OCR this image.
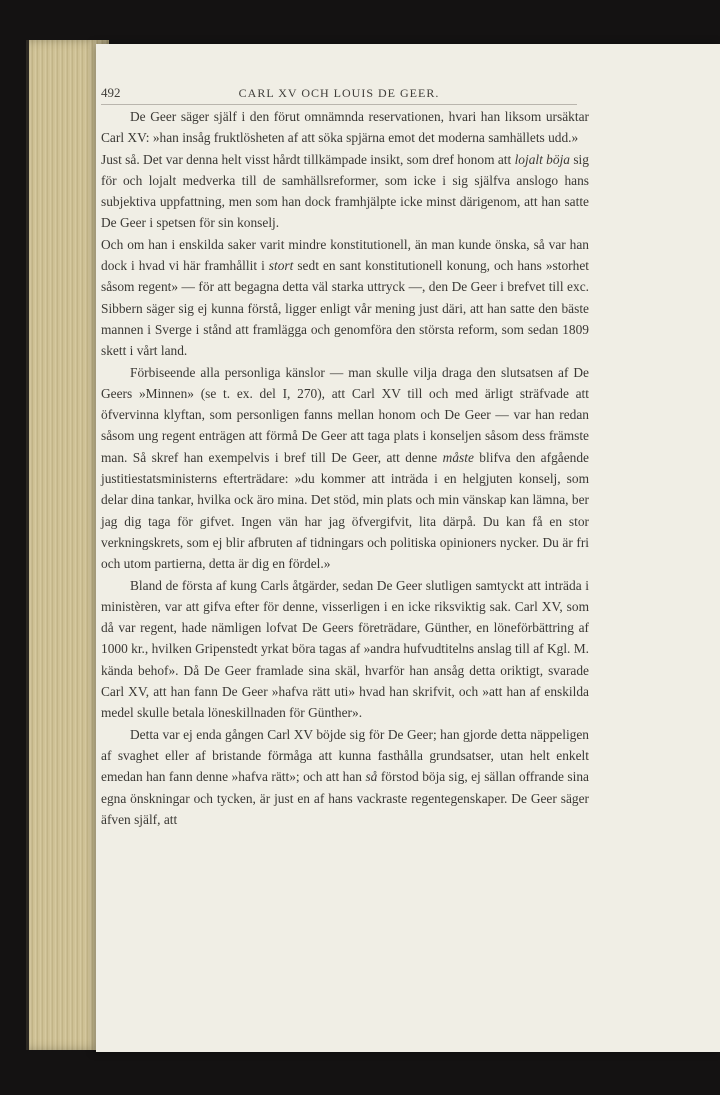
492	CARL XV OCH LOUIS DE GEER.

De Geer säger själf i den förut omnämnda reservationen, hvari han liksom ursäktar Carl XV: »han insåg fruktlösheten af att söka spjärna emot det moderna samhällets udd.»

Just så. Det var denna helt visst hårdt tillkämpade insikt, som dref honom att lojalt böja sig för och lojalt medverka till de samhällsreformer, som icke i sig själfva anslogo hans subjektiva uppfattning, men som han dock framhjälpte icke minst därigenom, att han satte De Geer i spetsen för sin konselj.

Och om han i enskilda saker varit mindre konstitutionell, än man kunde önska, så var han dock i hvad vi här framhållit i stort sedt en sant konstitutionell konung, och hans »storhet såsom regent» — för att begagna detta väl starka uttryck —, den De Geer i brefvet till exc. Sibbern säger sig ej kunna förstå, ligger enligt vår mening just däri, att han satte den bäste mannen i Sverge i stånd att framlägga och genomföra den största reform, som sedan 1809 skett i vårt land.

Förbiseende alla personliga känslor — man skulle vilja draga den slutsatsen af De Geers »Minnen» (se t. ex. del I, 270), att Carl XV till och med ärligt sträfvade att öfvervinna klyftan, som personligen fanns mellan honom och De Geer — var han redan såsom ung regent enträgen att förmå De Geer att taga plats i konseljen såsom dess främste man. Så skref han exempelvis i bref till De Geer, att denne måste blifva den afgående justitiestatsministerns efterträdare: »du kommer att inträda i en helgjuten konselj, som delar dina tankar, hvilka ock äro mina. Det stöd, min plats och min vänskap kan lämna, ber jag dig taga för gifvet. Ingen vän har jag öfvergifvit, lita därpå. Du kan få en stor verkningskrets, som ej blir afbruten af tidningars och politiska opinioners nycker. Du är fri och utom partierna, detta är dig en fördel.»

Bland de första af kung Carls åtgärder, sedan De Geer slutligen samtyckt att inträda i ministèren, var att gifva efter för denne, visserligen i en icke riksviktig sak. Carl XV, som då var regent, hade nämligen lofvat De Geers företrädare, Günther, en löneförbättring af 1000 kr., hvilken Gripenstedt yrkat böra tagas af »andra hufvudtitelns anslag till af Kgl. M. kända behof». Då De Geer framlade sina skäl, hvarför han ansåg detta oriktigt, svarade Carl XV, att han fann De Geer »hafva rätt uti» hvad han skrifvit, och »att han af enskilda medel skulle betala löneskillnaden för Günther».

Detta var ej enda gången Carl XV böjde sig för De Geer; han gjorde detta näppeligen af svaghet eller af bristande förmåga att kunna fasthålla grundsatser, utan helt enkelt emedan han fann denne »hafva rätt»; och att han så förstod böja sig, ej sällan offrande sina egna önskningar och tycken, är just en af hans vackraste regentegenskaper. De Geer säger äfven själf, att
